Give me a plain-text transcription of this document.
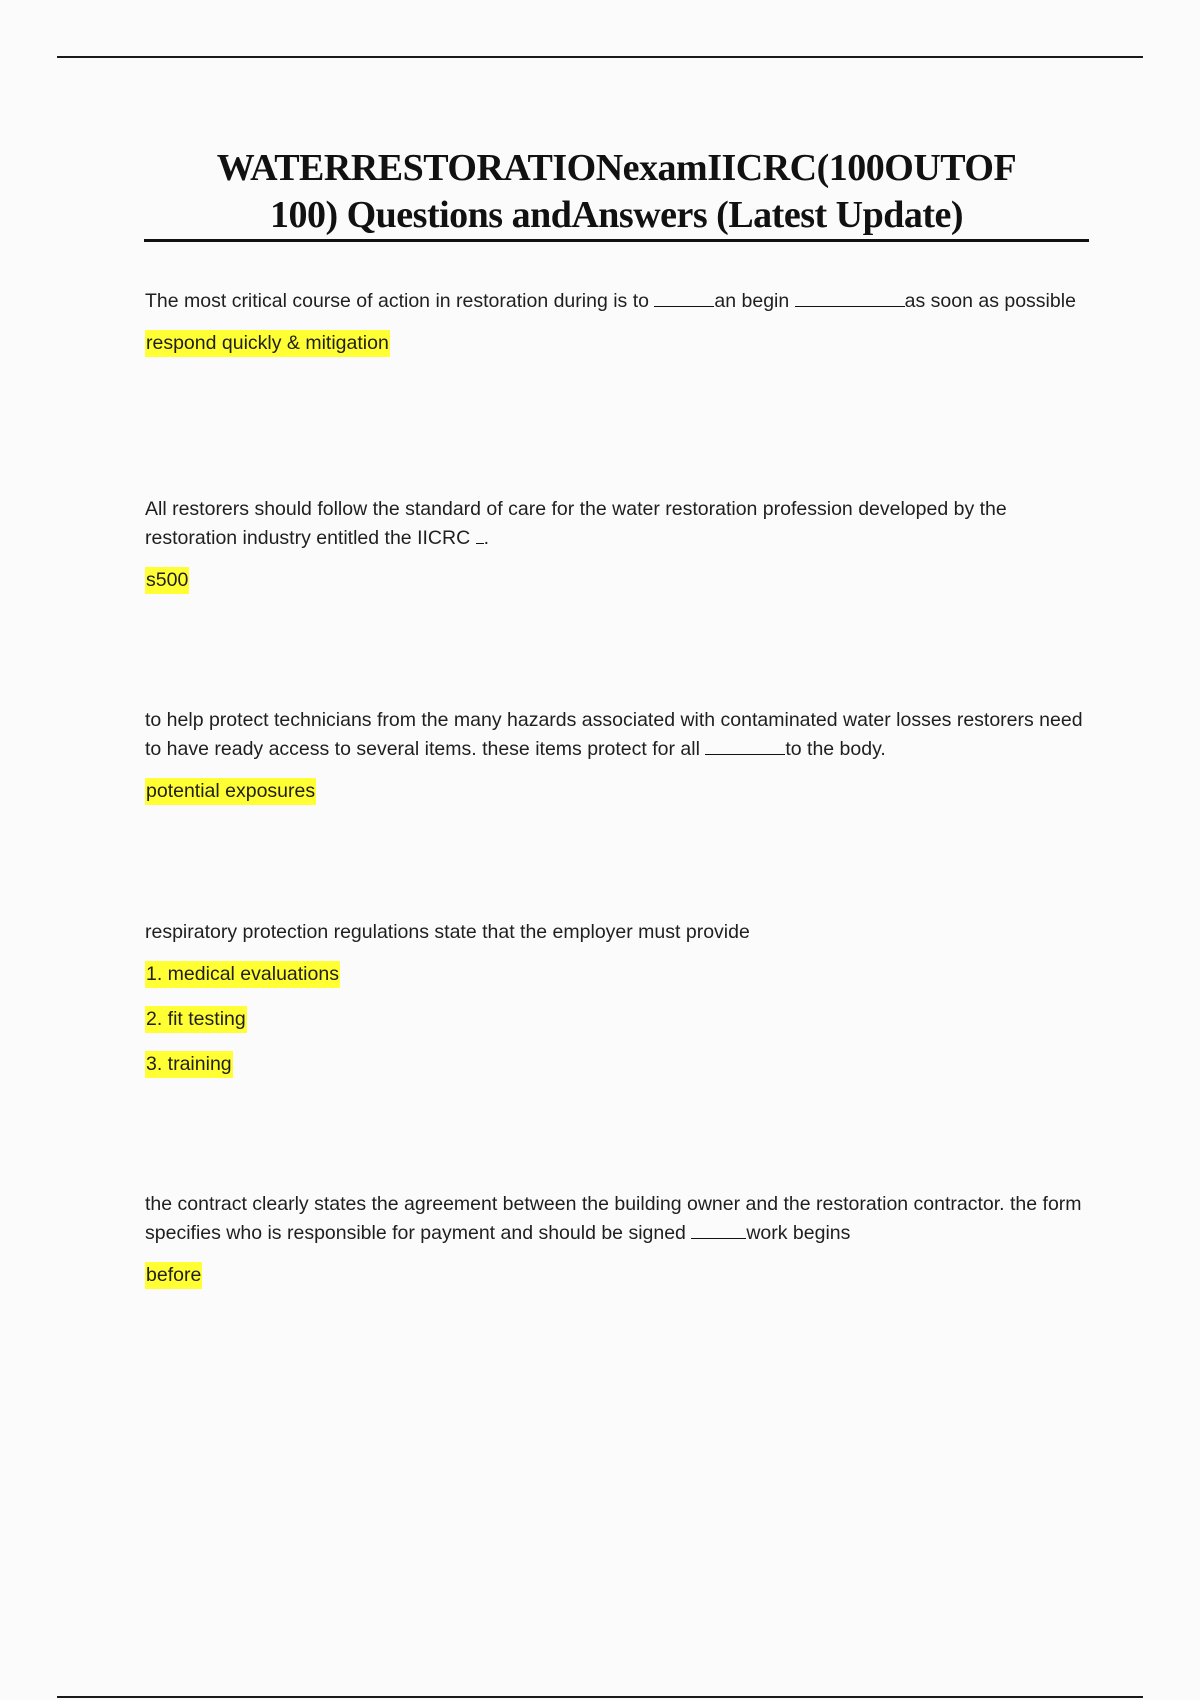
WATERRESTORATIONexamIICRC(100OUTOF
100) Questions andAnswers (Latest Update)

The most critical course of action in restoration during is to	an begin	as soon as possible

respond quickly & mitigation

All restorers should follow the standard of care for the water restoration profession developed by the restoration industry entitled the IICRC .

s500

to help protect technicians from the many hazards associated with contaminated water losses restorers need to have ready access to several items. these items protect for all	to the body.

potential exposures

respiratory protection regulations state that the employer must provide

1. medical evaluations
2. fit testing
3. training

the contract clearly states the agreement between the building owner and the restoration contractor. the form specifies who is responsible for payment and should be signed	work begins

before
